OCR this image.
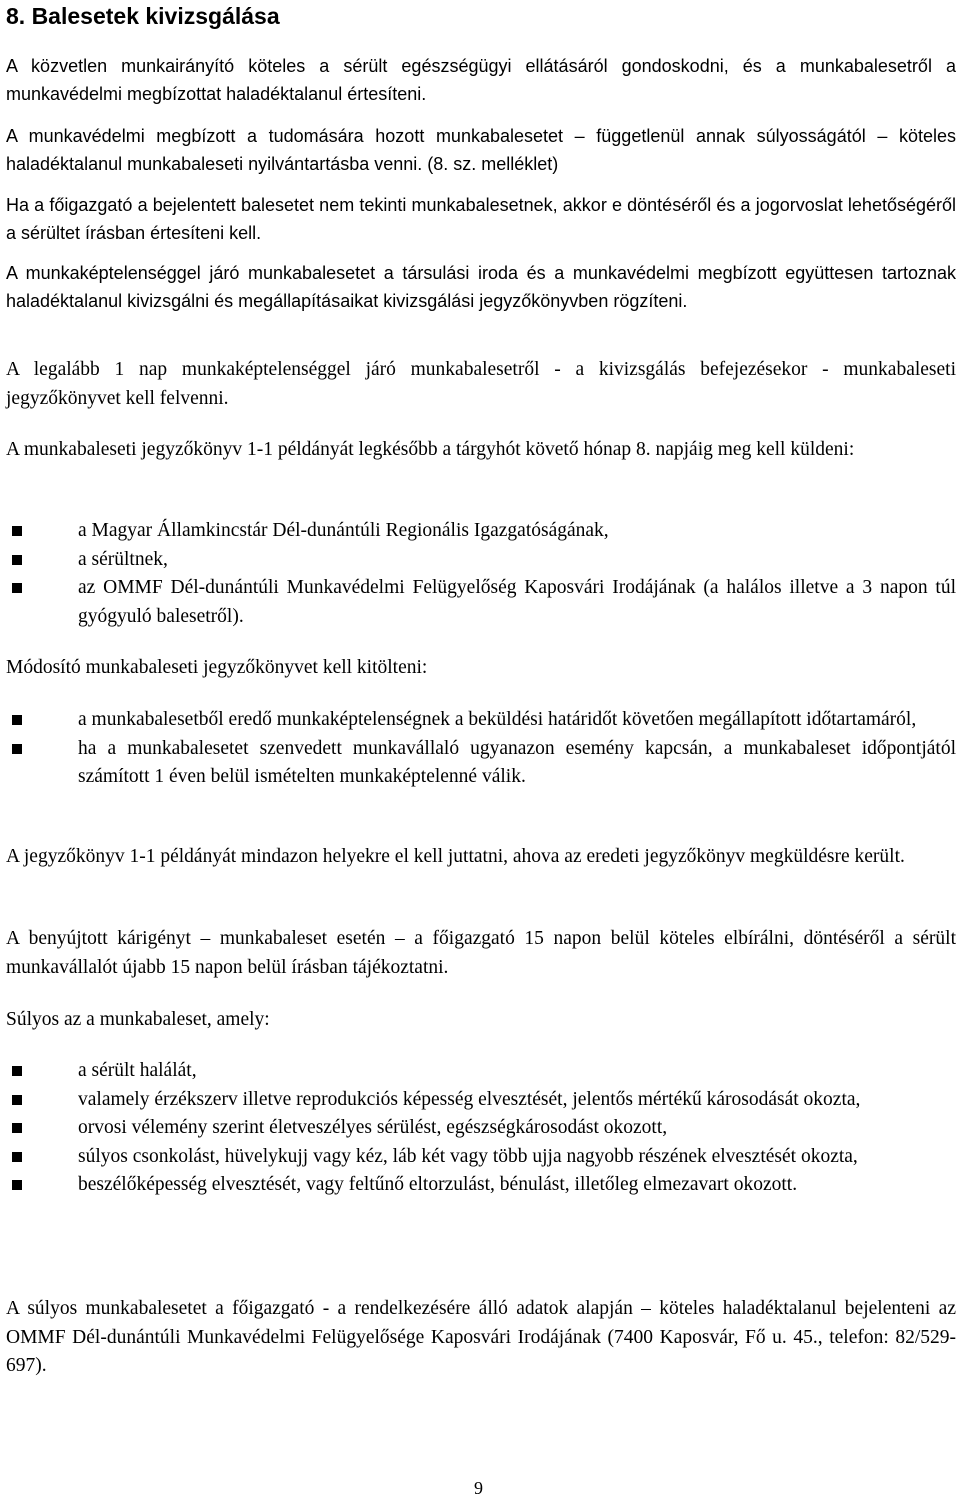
8. Balesetek kivizsgálása

A közvetlen munkairányító köteles a sérült egészségügyi ellátásáról gondoskodni, és a munkabalesetről a munkavédelmi megbízottat haladéktalanul értesíteni.

A munkavédelmi megbízott a tudomására hozott munkabalesetet – függetlenül annak súlyosságától – köteles haladéktalanul munkabaleseti nyilvántartásba venni. (8. sz. melléklet)

Ha a főigazgató a bejelentett balesetet nem tekinti munkabalesetnek, akkor e döntéséről és a jogorvoslat lehetőségéről a sérültet írásban értesíteni kell.

A munkaképtelenséggel járó munkabalesetet a társulási iroda és a munkavédelmi megbízott együttesen tartoznak haladéktalanul kivizsgálni és megállapításaikat kivizsgálási jegyzőkönyvben rögzíteni.

A legalább 1 nap munkaképtelenséggel járó munkabalesetről - a kivizsgálás befejezésekor - munkabaleseti jegyzőkönyvet kell felvenni.

A munkabaleseti jegyzőkönyv 1-1 példányát legkésőbb a tárgyhót követő hónap 8. napjáig meg kell küldeni:

a Magyar Államkincstár Dél-dunántúli Regionális Igazgatóságának,
a sérültnek,
az OMMF Dél-dunántúli Munkavédelmi Felügyelőség Kaposvári Irodájának (a halálos illetve a 3 napon túl gyógyuló balesetről).

Módosító munkabaleseti jegyzőkönyvet kell kitölteni:

a munkabalesetből eredő munkaképtelenségnek a beküldési határidőt követően megállapított időtartamáról,
ha a munkabalesetet szenvedett munkavállaló ugyanazon esemény kapcsán, a munkabaleset időpontjától számított 1 éven belül ismételten munkaképtelenné válik.

A jegyzőkönyv 1-1 példányát mindazon helyekre el kell juttatni, ahova az eredeti jegyzőkönyv megküldésre került.

A benyújtott kárigényt – munkabaleset esetén – a főigazgató 15 napon belül köteles elbírálni, döntéséről a sérült munkavállalót újabb 15 napon belül írásban tájékoztatni.

Súlyos az a munkabaleset, amely:

a sérült halálát,
valamely érzékszerv illetve reprodukciós képesség elvesztését, jelentős mértékű károsodását okozta,
orvosi vélemény szerint életveszélyes sérülést, egészségkárosodást okozott,
súlyos csonkolást, hüvelykujj vagy kéz, láb két vagy több ujja nagyobb részének elvesztését okozta,
beszélőképesség elvesztését, vagy feltűnő eltorzulást, bénulást, illetőleg elmezavart okozott.

A súlyos munkabalesetet a főigazgató - a rendelkezésére álló adatok alapján – köteles haladéktalanul bejelenteni az OMMF Dél-dunántúli Munkavédelmi Felügyelősége Kaposvári Irodájának (7400 Kaposvár, Fő u. 45., telefon: 82/529-697).

9
